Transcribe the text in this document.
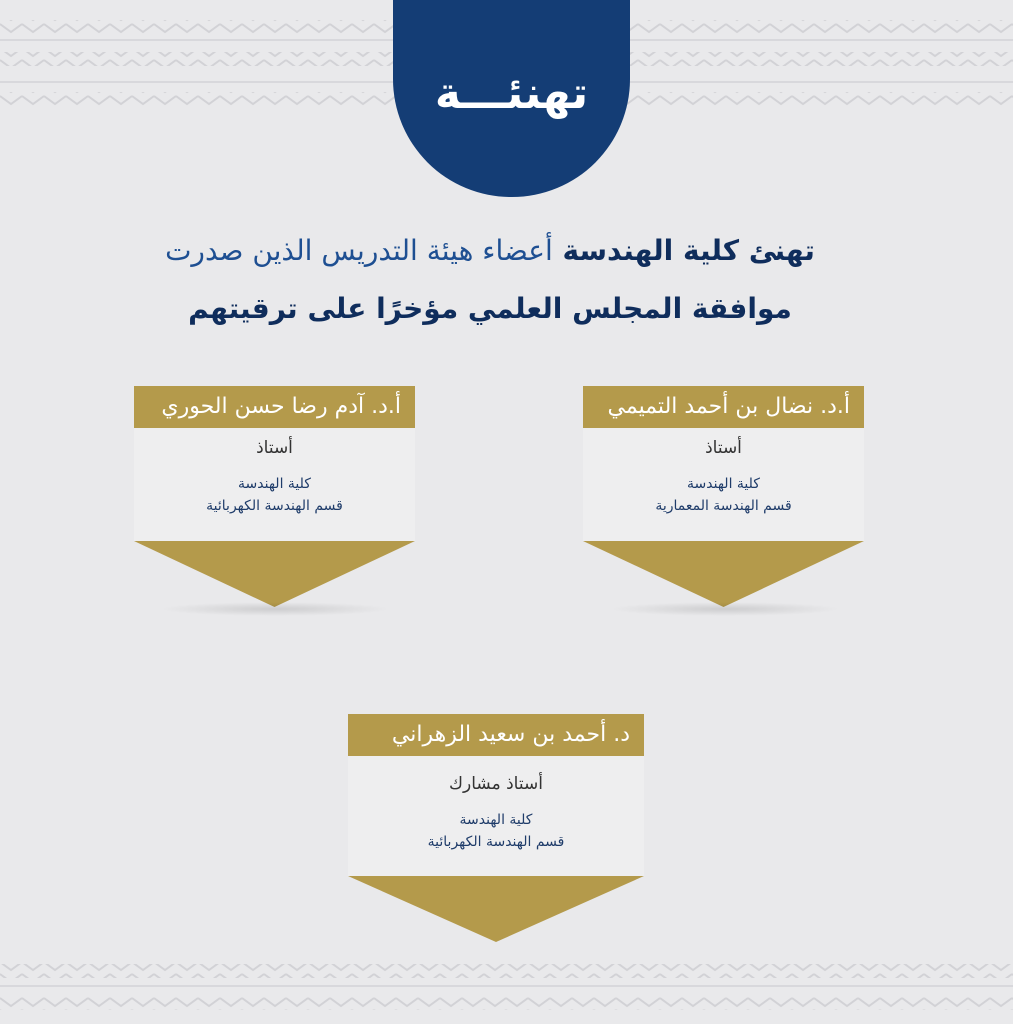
تهنئـــة
تهنئ كلية الهندسة أعضاء هيئة التدريس الذين صدرت
موافقة المجلس العلمي مؤخرًا على ترقيتهم
أ.د. نضال بن أحمد التميمي
أستاذ
كلية الهندسة
قسم الهندسة المعمارية
أ.د. آدم رضا حسن الحوري
أستاذ
كلية الهندسة
قسم الهندسة الكهربائية
د. أحمد بن سعيد الزهراني
أستاذ مشارك
كلية الهندسة
قسم الهندسة الكهربائية
